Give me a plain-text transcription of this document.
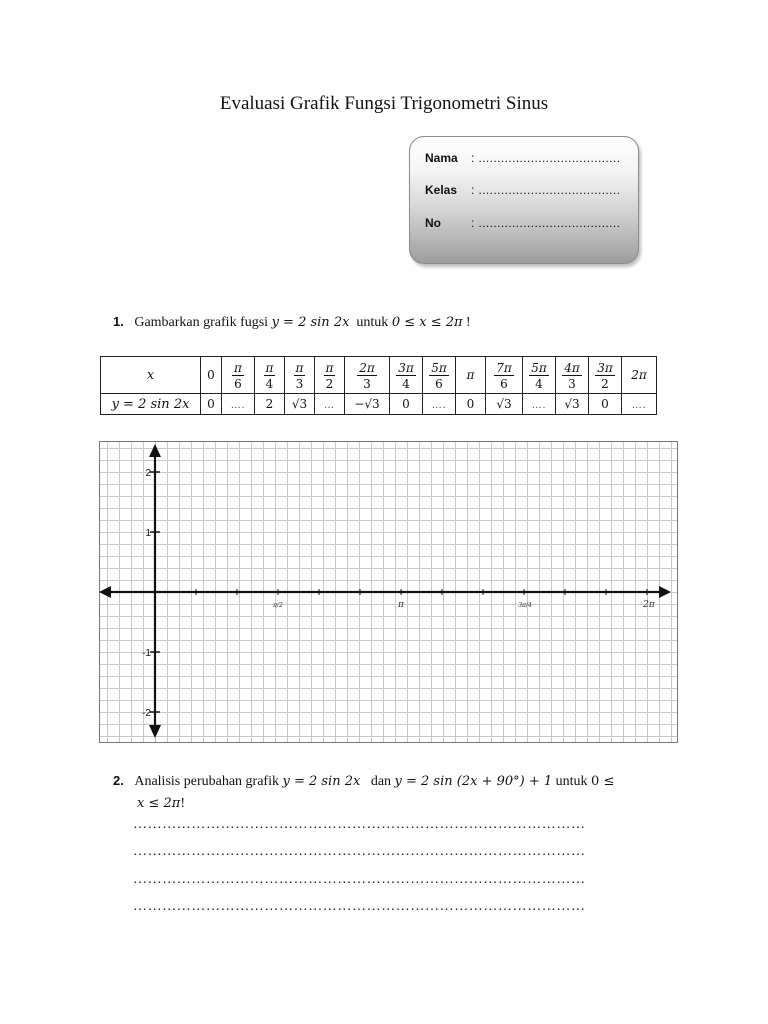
Evaluasi Grafik Fungsi Trigonometri Sinus
Nama : ......................................
Kelas : ......................................
No	: ......................................
1. Gambarkan grafik fugsi y = 2 sin 2x  untuk 0 ≤ x ≤ 2π !
x	0	$\frac{\pi}{6}$	$\frac{\pi}{4}$	$\frac{\pi}{3}$	$\frac{\pi}{2}$	$\frac{2\pi}{3}$	$\frac{3\pi}{4}$	$\frac{5\pi}{6}$	π	$\frac{7\pi}{6}$	$\frac{5\pi}{4}$	$\frac{4\pi}{3}$	$\frac{3\pi}{2}$	2π
y = 2 sin 2x	0	….	2	√3	…	−√3	0	….	0	√3	….	√3	0	….
2
1
-1
-2
π/2	π	3π/4	2π
2. Analisis perubahan grafik y = 2 sin 2x   dan y = 2 sin (2x + 90°) + 1 untuk 0 ≤
x ≤ 2π!
…………………………………………………………………………………
…………………………………………………………………………………
…………………………………………………………………………………
…………………………………………………………………………………
